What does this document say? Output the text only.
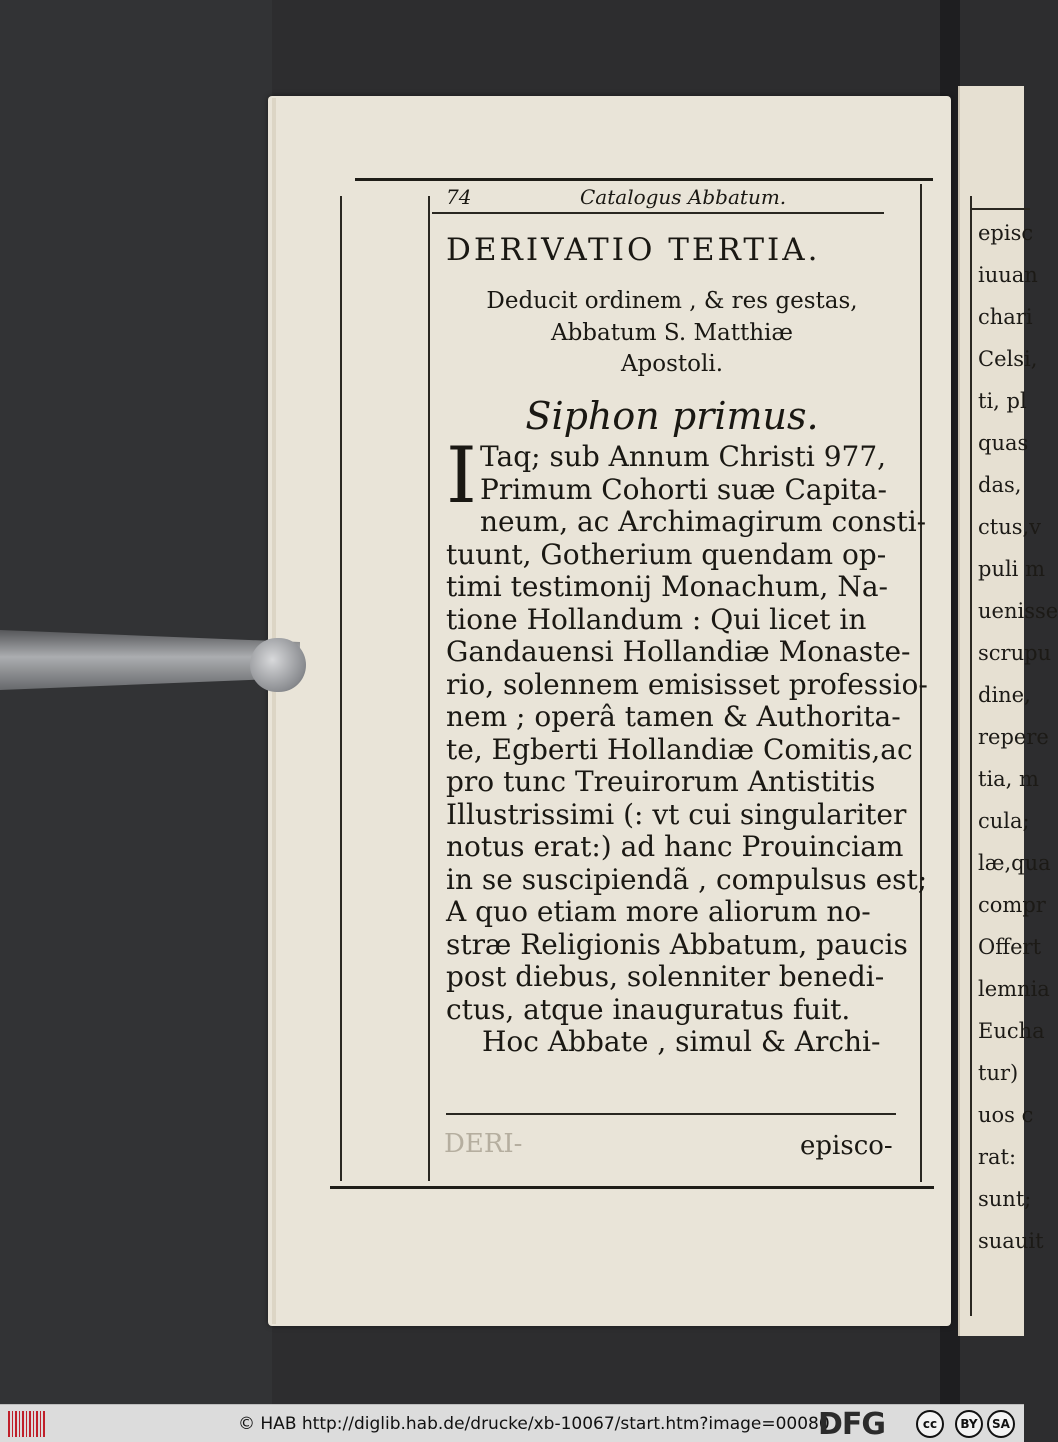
episc
iuuan
chari
Celsi,
ti, pl
quas
das,
ctus,v
puli m
uenisse
scrupu
dine,
repere
tia, m
cula;
læ,qua
compr
Offert
lemnia
Eucha
tur)
uos c
rat:
sunt;
suauit
DERI-
74	Catalogus Abbatum.
DERIVATIO TERTIA.
Deducit ordinem , & res gestas,
Abbatum S. Matthiæ
Apostoli.
Siphon primus.
I Taq; sub Annum Christi 977,
Primum Cohorti suæ Capita-
neum, ac Archimagirum consti-
tuunt, Gotherium quendam op-
timi testimonij Monachum, Na-
tione Hollandum : Qui licet in
Gandauensi Hollandiæ Monaste-
rio, solennem emisisset professio-
nem ; operâ tamen & Authorita-
te, Egberti Hollandiæ Comitis,ac
pro tunc Treuirorum Antistitis
Illustrissimi (: vt cui singulariter
notus erat:) ad hanc Prouinciam
in se suscipiendã , compulsus est;
A quo etiam more aliorum no-
stræ Religionis Abbatum, paucis
post diebus, solenniter benedi-
ctus, atque inauguratus fuit.
Hoc Abbate , simul & Archi-
episco-
© HAB http://diglib.hab.de/drucke/xb-10067/start.htm?image=00080
DFG	cc	BY	SA
